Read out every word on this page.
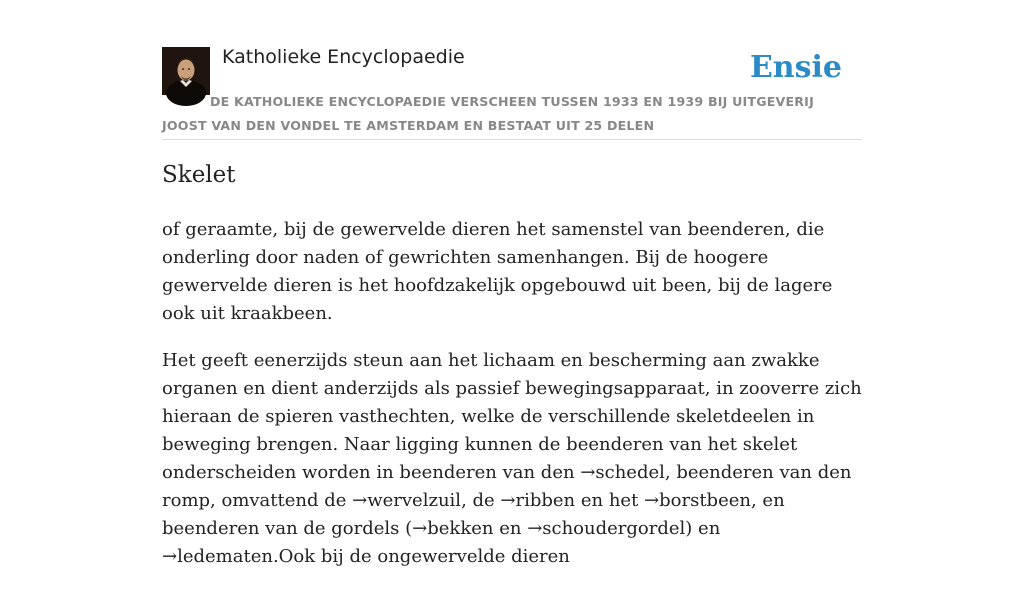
Katholieke Encyclopaedie	Ensie
DE KATHOLIEKE ENCYCLOPAEDIE VERSCHEEN TUSSEN 1933 EN 1939 BIJ UITGEVERIJ JOOST VAN DEN VONDEL TE AMSTERDAM EN BESTAAT UIT 25 DELEN
Skelet

of geraamte, bij de gewervelde dieren het samenstel van beenderen, die onderling door naden of gewrichten samenhangen. Bij de hoogere gewervelde dieren is het hoofdzakelijk opgebouwd uit been, bij de lagere ook uit kraakbeen.

Het geeft eenerzijds steun aan het lichaam en bescherming aan zwakke organen en dient anderzijds als passief bewegingsapparaat, in zooverre zich hieraan de spieren vasthechten, welke de verschillende skeletdeelen in beweging brengen. Naar ligging kunnen de beenderen van het skelet onderscheiden worden in beenderen van den →schedel, beenderen van den romp, omvattend de →wervelzuil, de →ribben en het →borstbeen, en beenderen van de gordels (→bekken en →schoudergordel) en →ledematen.Ook bij de ongewervelde dieren
